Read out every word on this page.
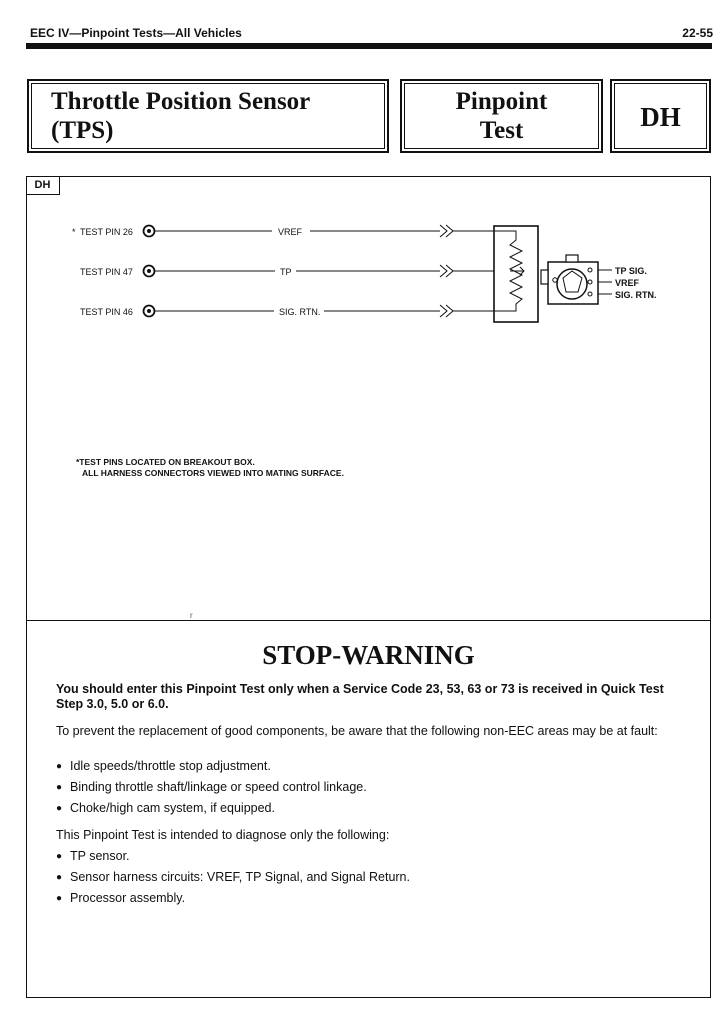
EEC IV—Pinpoint Tests—All Vehicles	22-55
Throttle Position Sensor
(TPS)
Pinpoint
Test	DH
DH
* TEST PIN 26	VREF
TEST PIN 47	TP
TEST PIN 46	SIG. RTN.
TP SIG.
VREF
SIG. RTN.
*TEST PINS LOCATED ON BREAKOUT BOX.
ALL HARNESS CONNECTORS VIEWED INTO MATING SURFACE.
r
STOP-WARNING
You should enter this Pinpoint Test only when a Service Code 23, 53, 63 or 73 is received in Quick Test Step 3.0, 5.0 or 6.0.
To prevent the replacement of good components, be aware that the following non-EEC areas may be at fault:
● Idle speeds/throttle stop adjustment.
● Binding throttle shaft/linkage or speed control linkage.
● Choke/high cam system, if equipped.
This Pinpoint Test is intended to diagnose only the following:
● TP sensor.
● Sensor harness circuits: VREF, TP Signal, and Signal Return.
● Processor assembly.
